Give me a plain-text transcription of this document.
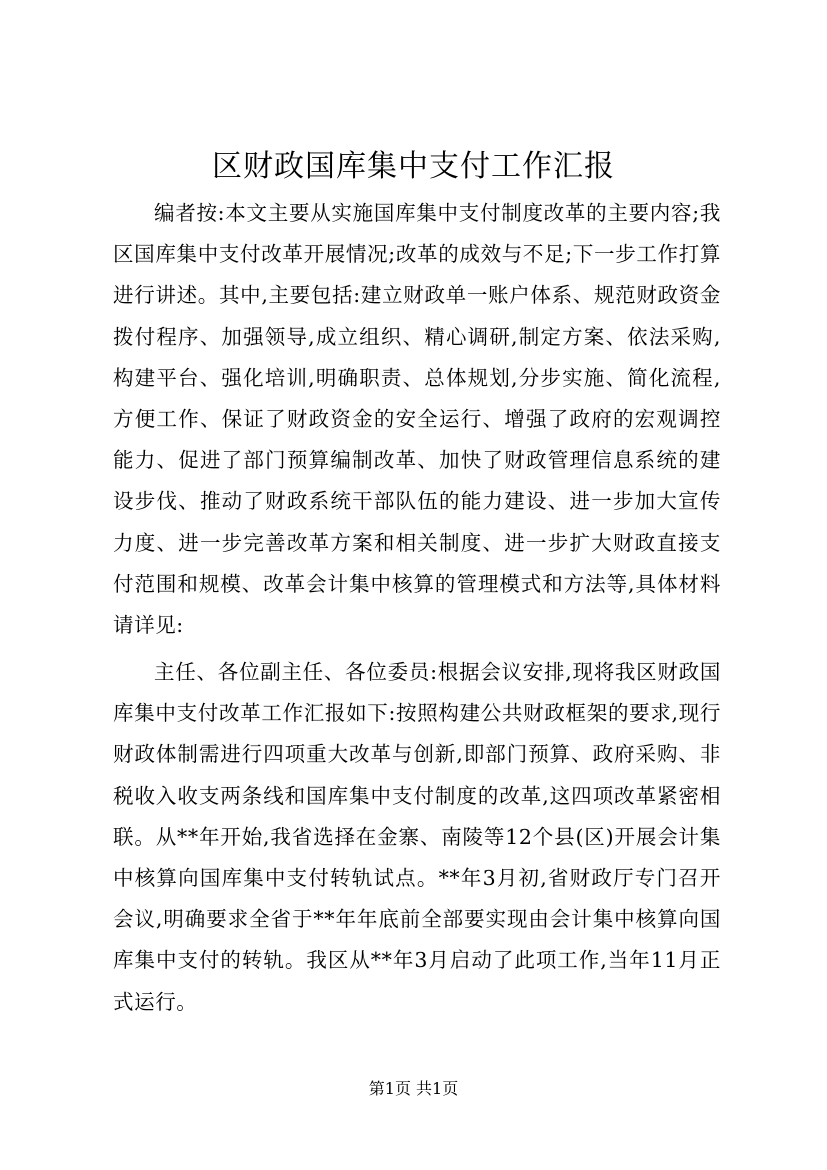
区财政国库集中支付工作汇报

编者按:本文主要从实施国库集中支付制度改革的主要内容;我区国库集中支付改革开展情况;改革的成效与不足;下一步工作打算进行讲述。其中,主要包括:建立财政单一账户体系、规范财政资金拨付程序、加强领导,成立组织、精心调研,制定方案、依法采购,构建平台、强化培训,明确职责、总体规划,分步实施、简化流程,方便工作、保证了财政资金的安全运行、增强了政府的宏观调控能力、促进了部门预算编制改革、加快了财政管理信息系统的建设步伐、推动了财政系统干部队伍的能力建设、进一步加大宣传力度、进一步完善改革方案和相关制度、进一步扩大财政直接支付范围和规模、改革会计集中核算的管理模式和方法等,具体材料请详见:

主任、各位副主任、各位委员:根据会议安排,现将我区财政国库集中支付改革工作汇报如下:按照构建公共财政框架的要求,现行财政体制需进行四项重大改革与创新,即部门预算、政府采购、非税收入收支两条线和国库集中支付制度的改革,这四项改革紧密相联。从**年开始,我省选择在金寨、南陵等12个县(区)开展会计集中核算向国库集中支付转轨试点。**年3月初,省财政厅专门召开会议,明确要求全省于**年年底前全部要实现由会计集中核算向国库集中支付的转轨。我区从**年3月启动了此项工作,当年11月正式运行。

第1页 共1页
